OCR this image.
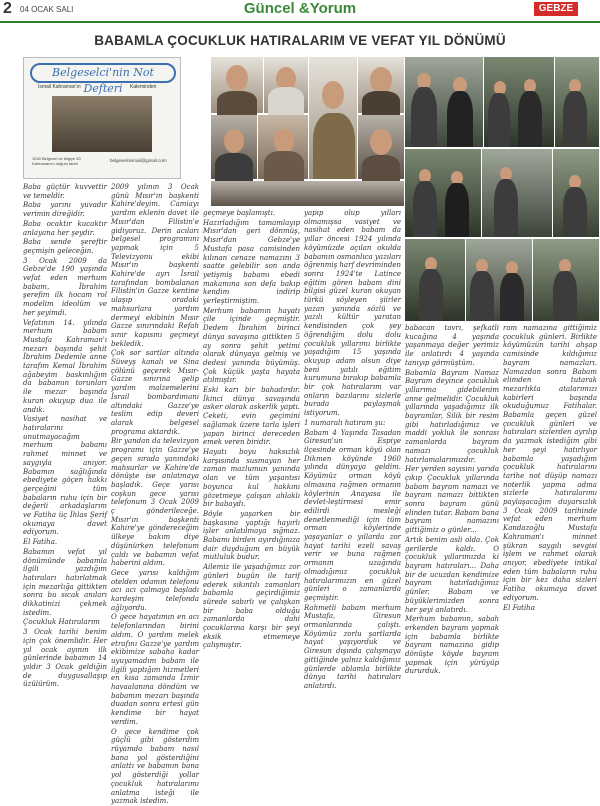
2 04 OCAK SALI	Güncel &Yorum	GEBZE
BABAMLA ÇOCUKLUK HATIRALARIM VE VEFAT YIL DÖNÜMÜ
Belgeselci'nin Not Defteri
İsmail Kahraman'ın	Kaleminden
1040 Belgesel ve bilgiye 50 Kahraman'ın doğum tarihi
belgeselciismail@gmail.com

Baba güçtür kuvvettir ve temeldir.

Baba yarını yuvadır verimin direğidir.

Baba ocaktır kucaktır anlayana her şeydir.

Baba sende şereftir geçmişin geleceğin.

3 Ocak 2009 da Gebze'de 190 yaşında vefat eden merhum babam, İbrahim şerefim ilk hocam rol modelim ideolüm ve her şeyimdi.

Vefatının 14. yılında merhum babam Mustafa Kahraman'ı mezarı başında şehit İbrahim Dedemle anne tarafım Kemal İbrahim ağabeyim baskınlığım da babamın torunları ile mezar başında kuran okuyup dua ile andık.

Vasiyet nasihat ve hatıralarını unutmayacağım merhum babamı rahmet minnet ve saygıyla anıyor. Babamın sağlığında ebediyete göçen hakkı gerçeğini tüm babaların ruhu için bir değerli arkadaşlarım ve Fatiha üç İhlas Şerif okumaya davet ediyorum.

El Fatiha.

Babamın vefat yıl dönümünde babamla ilgili yazdığım hatıraları hatırlatmak için mezarlığa gittikten sonra bu sıcak anıları dikkatinizi çekmek istedim.

Çocukluk Hatıralarım

3 Ocak tarihi benim için çok önemlidir. Her yıl ocak ayının ilk günlerinde babamın 14 yıldır 3 Ocak geldiğin de duygusallaşıp üzülürüm.

2009 yılının 3 Ocak günü Mısır'ın başkenti Kahire'deyim. Camiayı yardım eklenin davet ile Mısır'dan Filistin'e gidiyoruz. Derin acıları belgesel programını yapmak için 5 Televizyonu ekibi Mısır'ın başkenti Kahire'de ayrı İsrail tarafından bombalanan Filistin'in Gazze kentine ulaşıp oradaki mahsurlara yardım dermeyi ekibinin Mısır Gazze sınırındaki Refah sınır kapısını geçmeyi bekledik.

Çok sor sartlar altında Süveyş kanalı ve Sina çölünü geçerek Mısır-Gazze sınırına gelip yardım malzemelerini İsrail bombardımanı altındaki Gazze'ye teslim edip deveri alarak belgesel programa aktardık.

Bir yandan da televizyon programı için Gazze'ye geçen sırada yanındaki mahsurlar ve Kahire'de dönüşte ise anlatmaya başladık. Geçe yarısı coşkun gece yarısı telefonum 3 Ocak 2009 ç gönderileceğe. Mısır'ın başkenti Kahire'ye göndereceğim ülkeye bakım diye düşünürken telefonum çaldı ve babamın vefat haberini aldım.

Gece yarısı kaldığım otelden odamın telefonu acı acı çalmaya başladı kardeşim telefonda ağlıyordu.

O gece hayatımın en acı telefonlarından birini aldım. O yardım melek etrafını Gazze'ye yardım ekibimize sabaha kadar uyuyamadım babam ile ilgili yaptığım hizmetleri en kısa zamanda İzmir havaalanına döndüm ve babamın mezarı başında duadan sonra ertesi gün kendime bir hayat verdim.

O gece kendime çok güçlü gibi gösterdim rüyamda babam nasıl bana yol gösterdiğini anlattı ve babamın bana yol gösterdiği yollar çocukluk hatıralarımı anlatma isteği ile yazmak istedim.

geçmeye başlamıştı.

Hazırladığım tamamlayıp Mısır'dan geri dönmüş, Mısır'dan Gebze'ye Mustafa pasa camisinden kılınan cenaze namazını 3 saatte gelebilir son anda yetişmiş babamı ebedi makamına son defa bakıp kendim indirip yerleştirmiştim.

Merhum babamın hayatı çile içinde geçmiştir. Dedem İbrahim birinci dünya savaşına gittikten 5 ay sonra şehit yetimi olarak dünyaya gelmiş ve dedesi yanında büyümüş. Çok küçük yaşta hayata atılmıştır.

Eski karı bir bahadırdır. İkinci dünya savaşında asker olarak askerlik yaptı. Ceketi, evin geçimini sağlamak üzere tarla işleri yapan birinci dereceden emek veren biridir.

Hayatı boyu haksızlık karşısında susmayan her zaman mazlumun yanında olan ve tüm yaşantısı boyunca kul hakkını gözetmeye çalışan ahlaklı bir babaydı.

Böyle yaşarken bir başkasına yaptığı hayırlı işler anlatılmaya sığmaz. Babamı birden ayırdığınıza dair duyduğum en büyük mutluluk budur.

Ailemiz ile yaşadığımız zor günleri bugün ile tarif ederek sıkıntılı zamanları babamla geçirdiğimiz sürede sabırlı ve çalışkan bir baba olduğu zamanlarda dahi çocuklarına karşı bir şeyi eksik etmemeye çalışmıştır.

yapıp olup yılları olmamışsa vasiyet ve nasihat eden babam da yıllar öncesi 1924 yılında köyümüzde açılan okulda babamın osmanlıca yazıları öğrenmiş harf devriminden sonra 1924'te Latince eğitim gören babam dini bilgisi güzel kuran okuyan türkü söyleyen şiirler yazan yanında sözlü ve yazılı kültür yaratan kendisinden çok şey öğrendiğim dolu dolu çocukluk yıllarımı birlikte yaşadığım 15 yaşında okuyup adam olsun diye beni yatılı eğitim kurumuna bırakıp babamla bir çok hatıralarım var onların bazılarını sizlerle burada paylaşmak istiyorum.

1 numaralı hatıram şu:

Babam 4 Yaşında Tasadan Giresun'un Espiye ilçesinde orman köyü olan Dikmen köyünde 1960 yılında dünyaya geldim. Köyümüz orman köyü olmasına rağmen ormanın köylerinin Anayasa ile devlet-leştirmesi emir edilirdi mesleği denetlenmediği için tüm orman köylerinde yaşayanlar o yıllarda zor hayat tarihi ezeli savaş verir ve buna rağmen ormanın uzağında olmadığımız çocukluk hatıralarımızın en güzel günleri o zamanlarda geçmiştir.

Rahmetli babam merhum Mustafa, Giresun ormanlarında çalıştı. Köyümüz zorlu şartlarda hayat yaşıyorduk ve Giresun dışında çalışmaya gittiğinde yalnız kaldığımız günlerde ablamla birlikte dünya tarihi hatıraları anlatırdı.

babacan tavrı, şefkatli kucağına 4 yaşında yaşanmaya değer yerimiz ile anlatırdı 4 yaşında tanıyıp görmüştüm.

Babamla Bayram Namaz Bayram deyince çocukluk yıllarıma gidebilenim anne gelmelidir. Çocukluk yıllarında yaşadığımız ilk bayramlar, Silik bir resim gibi hatırladığımız ve maddi yokluk ile sonrası zamanlarda bayram namazı çocukluk hatırlamalarımızdır.

Her yerden sayısını yarıda çıkıp Çocukluk yıllarında babam bayram namazı ve bayram namazı bittikten sonra bayram günü elinden tutar. Babam bana bayram namazını gittiğimiz o günler...

Artık benim asli olda. Çok gerilerde kaldı. O çocukluk yıllarımızda ki bayram hatıraları... Daha bir de ucuzdan kendimize bayram hatırladığımız günler. Babam ve büyüklerimizden sonra her şeyi anlatırdı.

Merhum babamın, sabah erkenden bayram yapmak için babamla birlikte bayram namazına gidip dönüşte köyde bayram yapmak için yürüyüp dururduk.

ram namazına gittiğimiz çocukluk günleri. Birlikte köyümüzün tarihi ahşap camisinde kıldığımız bayram namazları. Namazdan sonra Babam elimden tutarak mezarlıkta atalarımızı kabirleri başında okuduğumuz Fatihalar. Babamla geçen güzel çocukluk günleri ve hatıraları sizlerden ayrılıp da yazmak istediğim gibi her şeyi hatırlıyor babamla yaşadığım çocukluk hatıralarını tarihe not düşüp namazı noterlik yapma adına sizlerle hatıralarımı paylaşacağım duyarsızlık 3 Ocak 2009 tarihinde vefat eden merhum Kandazoğlu Mustafa Kahraman'ı minnet şükran saygılı sevgisi işlem ve rahmet olarak anıyor, ebediyete intikal eden tüm babaların ruhu için bir kez daha sizleri Fatiha okumaya davet ediyorum.

El Fatiha
